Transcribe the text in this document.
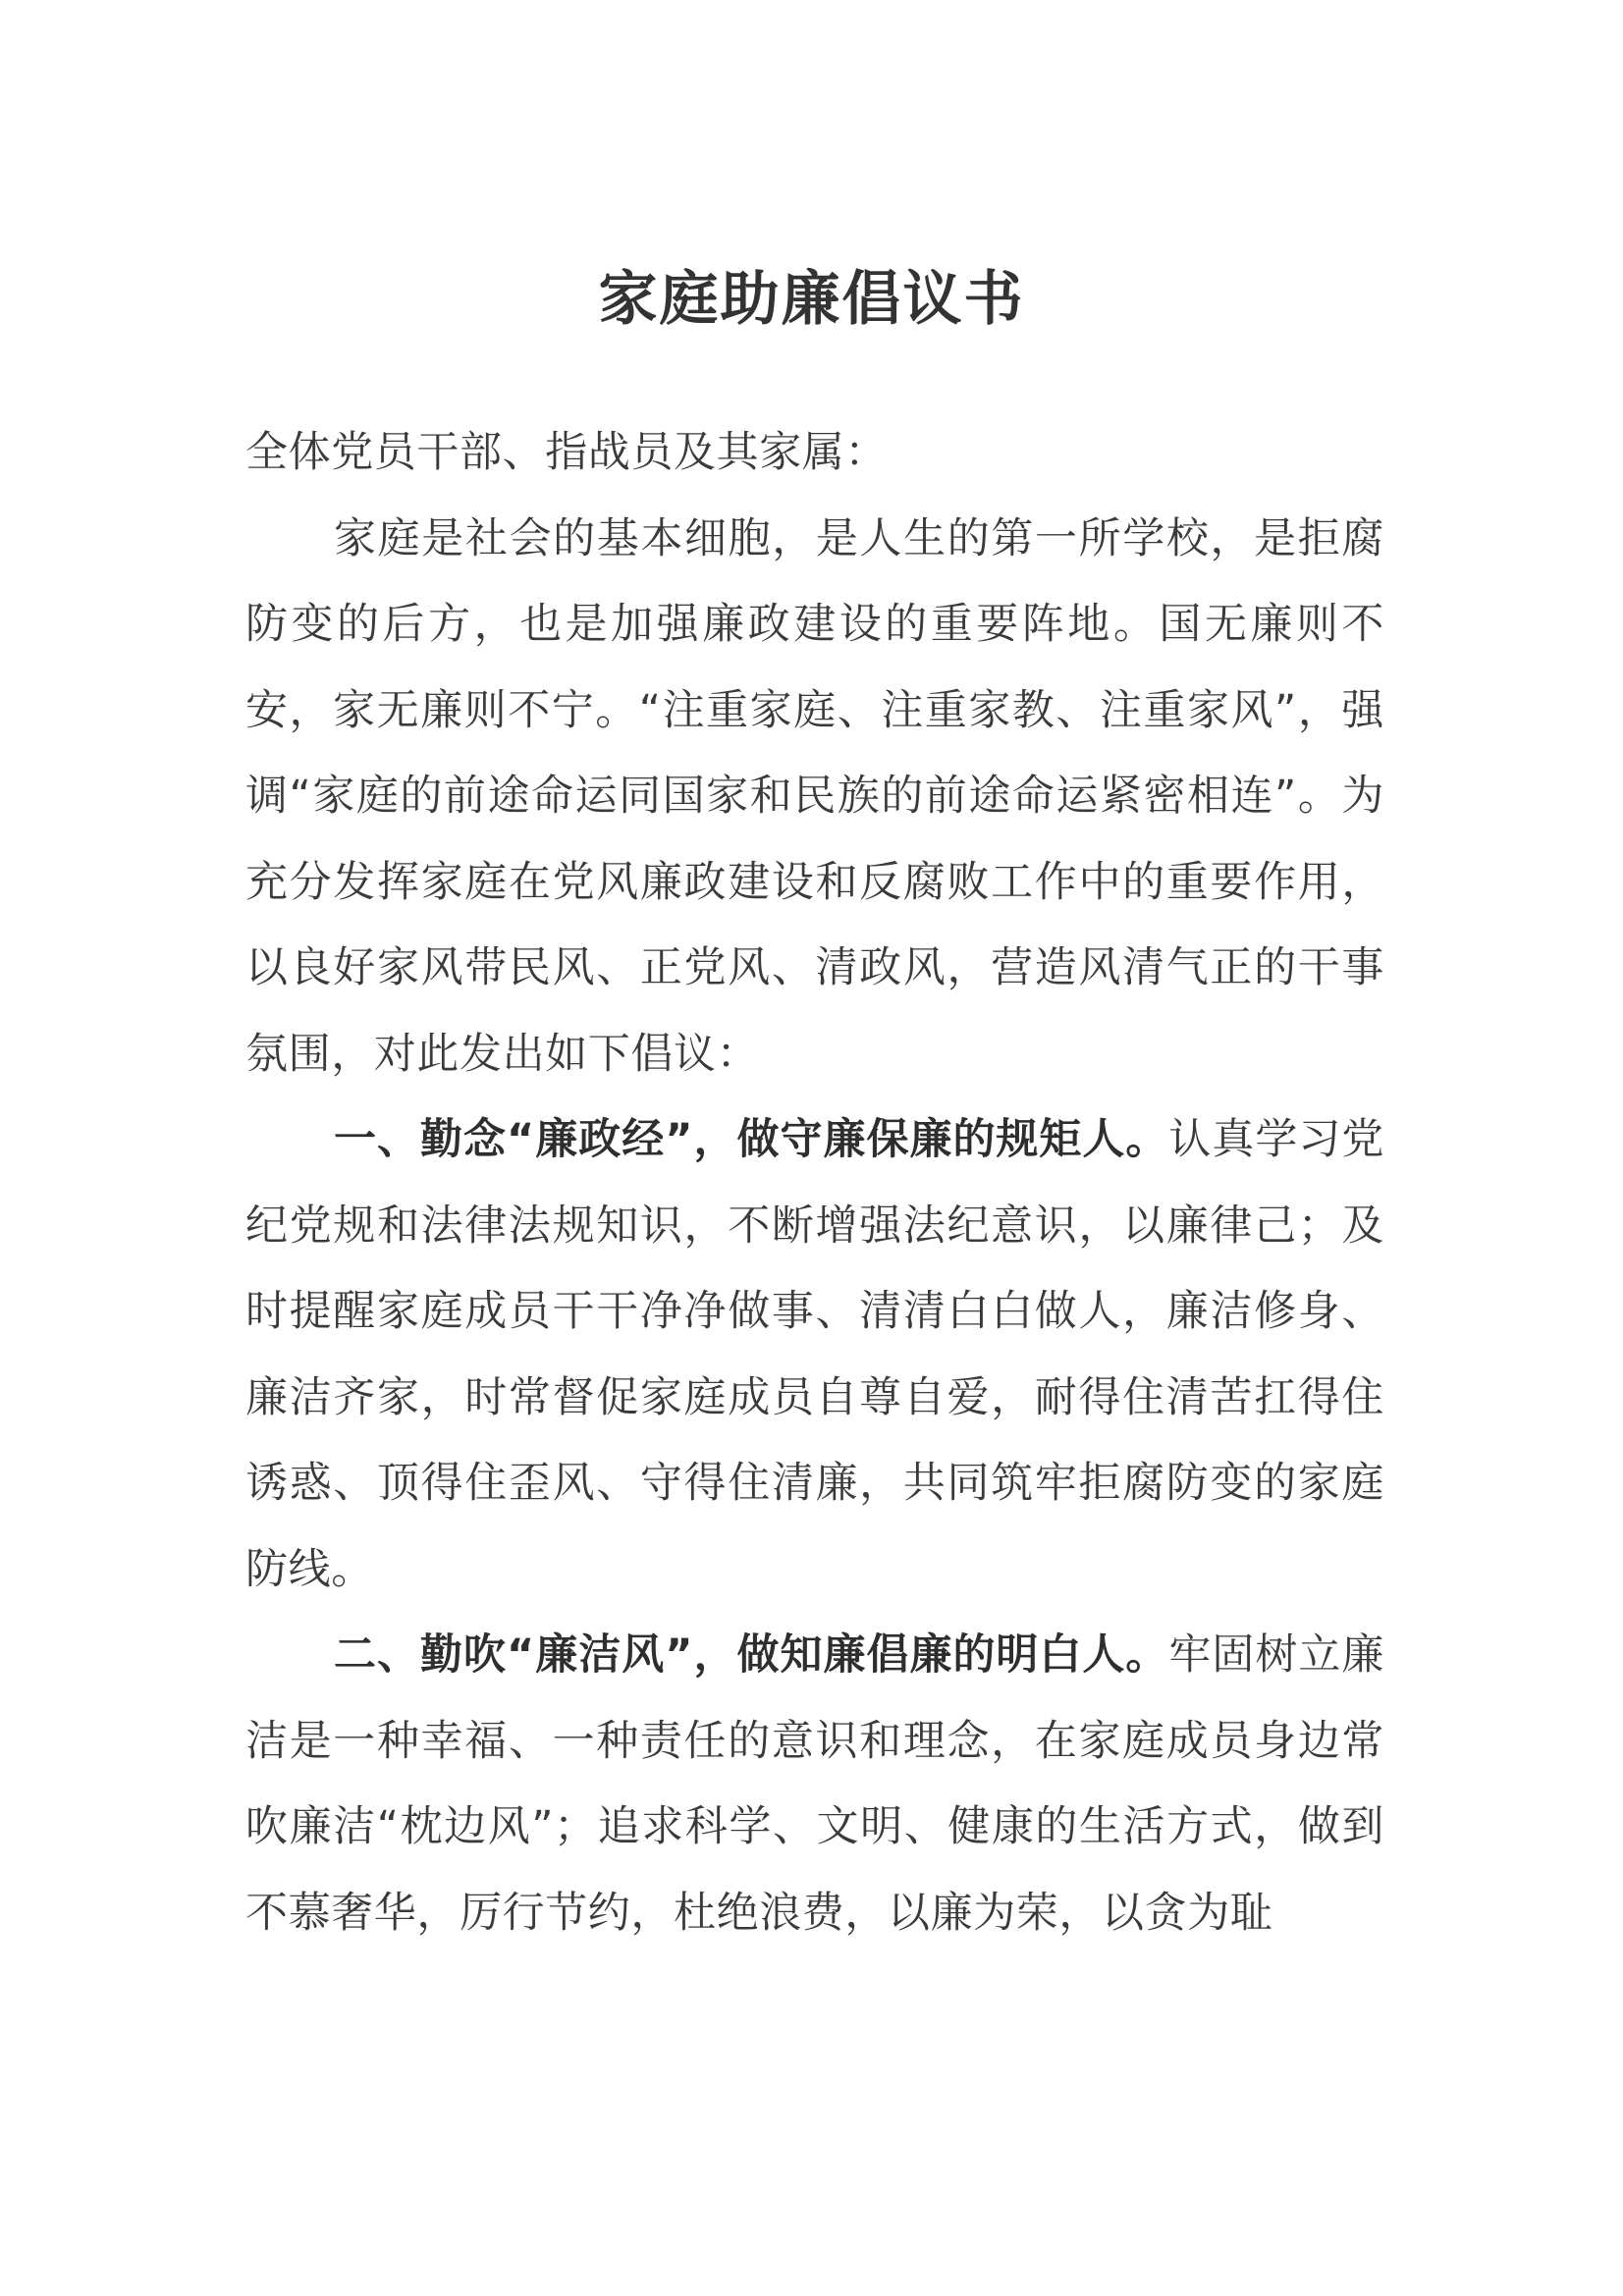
家庭助廉倡议书

全体党员干部、指战员及其家属：

家庭是社会的基本细胞，是人生的第一所学校，是拒腐防变的后方，也是加强廉政建设的重要阵地。国无廉则不安，家无廉则不宁。“注重家庭、注重家教、注重家风”，强调“家庭的前途命运同国家和民族的前途命运紧密相连”。为充分发挥家庭在党风廉政建设和反腐败工作中的重要作用，以良好家风带民风、正党风、清政风，营造风清气正的干事氛围，对此发出如下倡议：

一、勤念“廉政经”，做守廉保廉的规矩人。认真学习党纪党规和法律法规知识，不断增强法纪意识，以廉律己；及时提醒家庭成员干干净净做事、清清白白做人，廉洁修身、廉洁齐家，时常督促家庭成员自尊自爱，耐得住清苦扛得住诱惑、顶得住歪风、守得住清廉，共同筑牢拒腐防变的家庭防线。

二、勤吹“廉洁风”，做知廉倡廉的明白人。牢固树立廉洁是一种幸福、一种责任的意识和理念，在家庭成员身边常吹廉洁“枕边风”；追求科学、文明、健康的生活方式，做到不慕奢华，厉行节约，杜绝浪费，以廉为荣，以贪为耻
